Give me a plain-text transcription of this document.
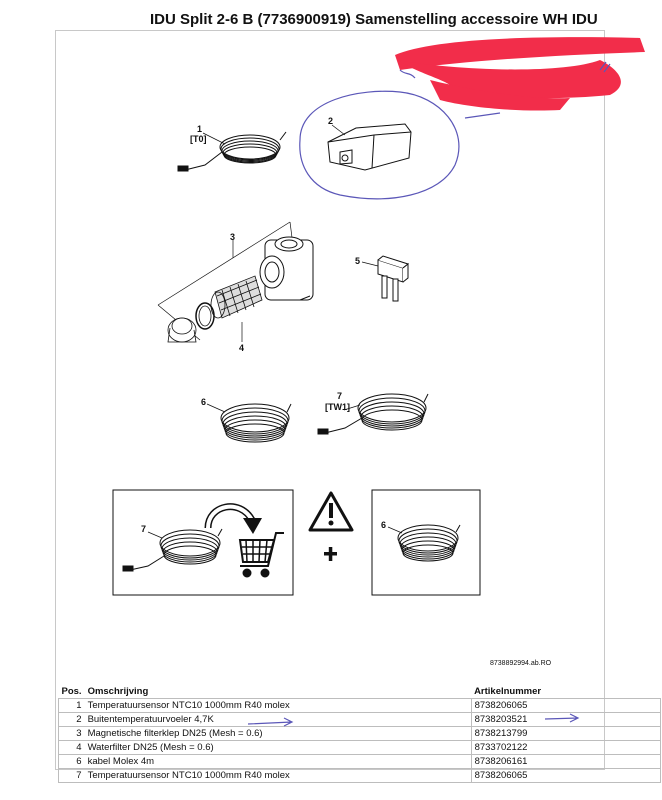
IDU Split 2-6 B (7736900919) Samenstelling accessoire WH IDU
1
[T0]
2
3
4
5
6
7
[TW1]
7	6
8738892994.ab.RO
Pos.	Omschrijving	Artikelnummer
1	Temperatuursensor NTC10 1000mm R40 molex	8738206065
2	Buitentemperatuurvoeler 4,7K	8738203521
3	Magnetische filterklep DN25 (Mesh = 0.6)	8738213799
4	Waterfilter DN25 (Mesh = 0.6)	8733702122
6	kabel Molex 4m	8738206161
7	Temperatuursensor NTC10 1000mm R40 molex	8738206065
